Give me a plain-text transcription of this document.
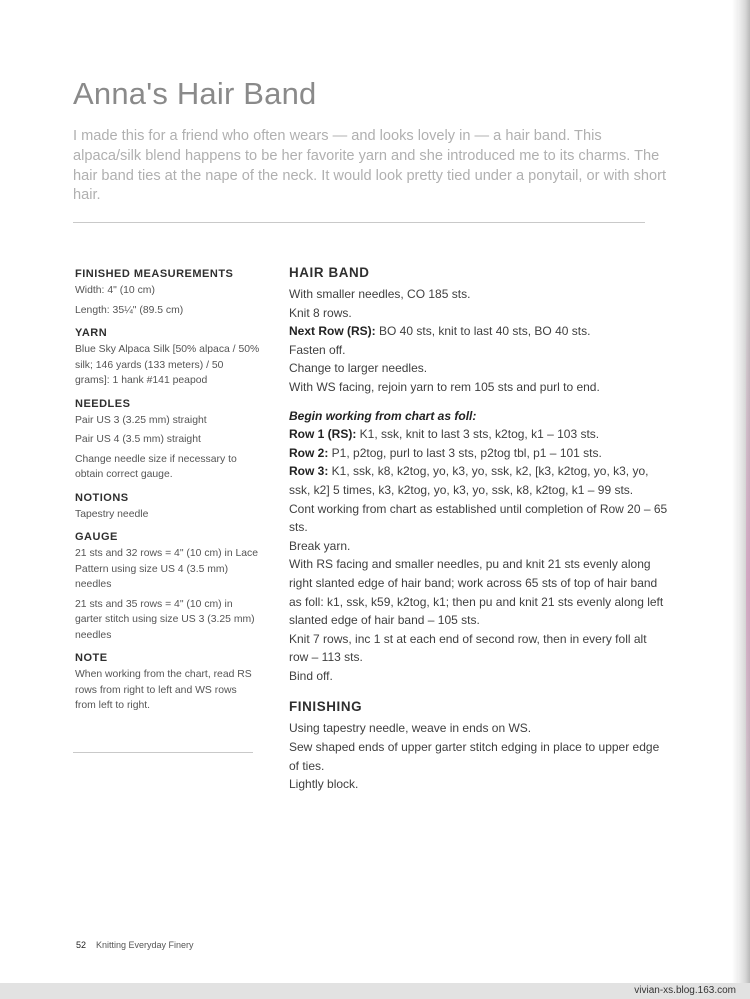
Anna's Hair Band

I made this for a friend who often wears — and looks lovely in — a hair band. This alpaca/silk blend happens to be her favorite yarn and she introduced me to its charms. The hair band ties at the nape of the neck. It would look pretty tied under a ponytail, or with short hair.

FINISHED MEASUREMENTS

Width: 4" (10 cm)

Length: 35¼" (89.5 cm)

YARN

Blue Sky Alpaca Silk [50% alpaca / 50% silk; 146 yards (133 meters) / 50 grams]: 1 hank #141 peapod

NEEDLES

Pair US 3 (3.25 mm) straight

Pair US 4 (3.5 mm) straight

Change needle size if necessary to obtain correct gauge.

NOTIONS

Tapestry needle

GAUGE

21 sts and 32 rows = 4" (10 cm) in Lace Pattern using size US 4 (3.5 mm) needles

21 sts and 35 rows = 4" (10 cm) in garter stitch using size US 3 (3.25 mm) needles

NOTE

When working from the chart, read RS rows from right to left and WS rows from left to right.

HAIR BAND

With smaller needles, CO 185 sts.

Knit 8 rows.

Next Row (RS): BO 40 sts, knit to last 40 sts, BO 40 sts.

Fasten off.

Change to larger needles.

With WS facing, rejoin yarn to rem 105 sts and purl to end.

Begin working from chart as foll:

Row 1 (RS): K1, ssk, knit to last 3 sts, k2tog, k1 – 103 sts.

Row 2: P1, p2tog, purl to last 3 sts, p2tog tbl, p1 – 101 sts.

Row 3: K1, ssk, k8, k2tog, yo, k3, yo, ssk, k2, [k3, k2tog, yo, k3, yo, ssk, k2] 5 times, k3, k2tog, yo, k3, yo, ssk, k8, k2tog, k1 – 99 sts.

Cont working from chart as established until completion of Row 20 – 65 sts.

Break yarn.

With RS facing and smaller needles, pu and knit 21 sts evenly along right slanted edge of hair band; work across 65 sts of top of hair band as foll: k1, ssk, k59, k2tog, k1; then pu and knit 21 sts evenly along left slanted edge of hair band – 105 sts.

Knit 7 rows, inc 1 st at each end of second row, then in every foll alt row – 113 sts.

Bind off.

FINISHING

Using tapestry needle, weave in ends on WS.

Sew shaped ends of upper garter stitch edging in place to upper edge of ties.

Lightly block.

52 Knitting Everyday Finery
vivian-xs.blog.163.com
